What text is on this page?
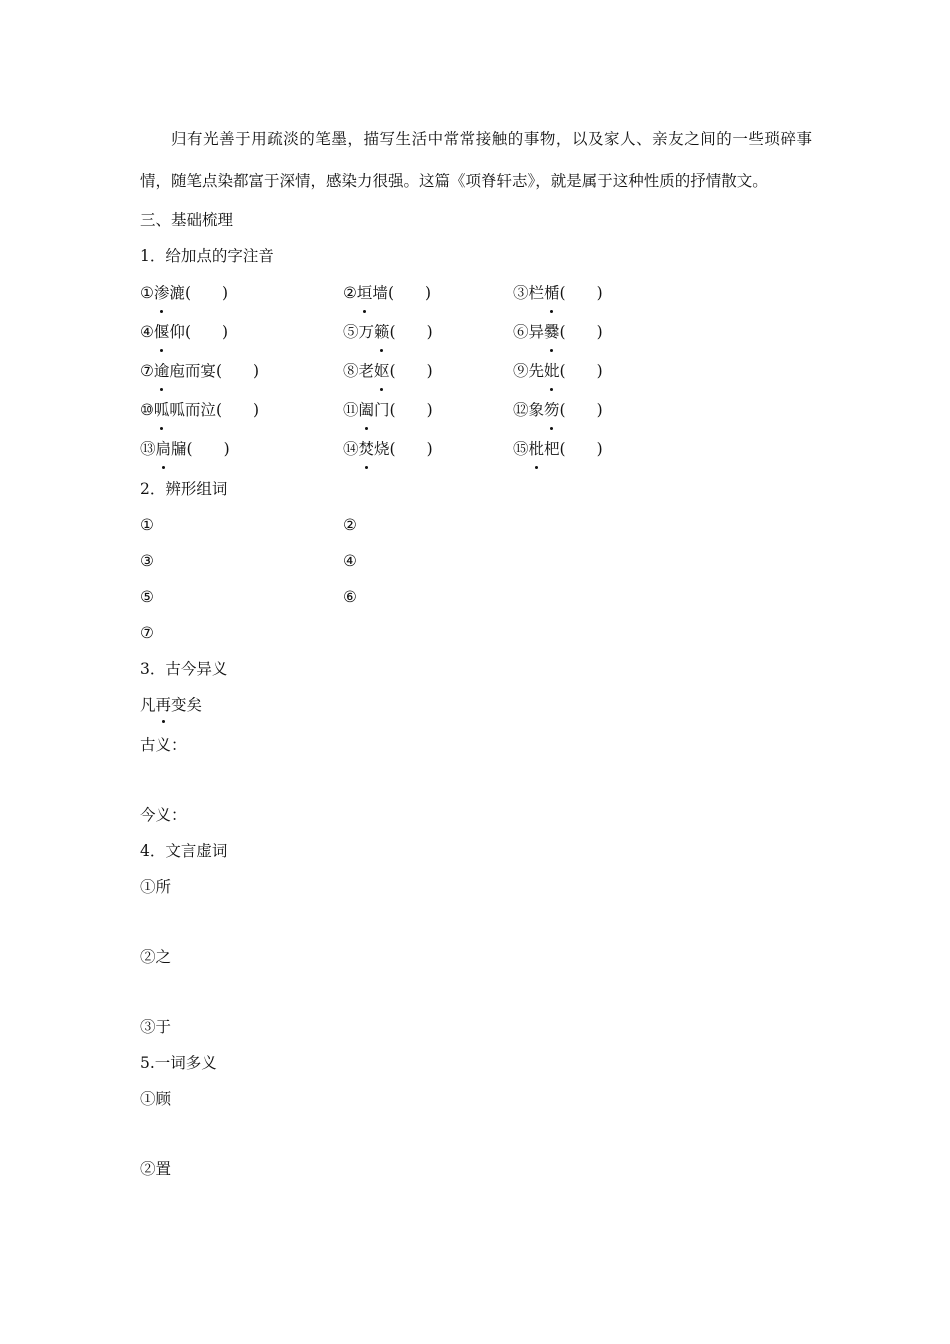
归有光善于用疏淡的笔墨，描写生活中常常接触的事物，以及家人、亲友之间的一些琐碎事情，随笔点染都富于深情，感染力很强。这篇《项脊轩志》，就是属于这种性质的抒情散文。

三、基础梳理
1．给加点的字注音
①渗漉(　　)	②垣墙(　　)	③栏楯(　　)
④偃仰(　　)	⑤万籁(　　)	⑥异爨(　　)
⑦逾庖而宴(　　)	⑧老妪(　　)	⑨先妣(　　)
⑩呱呱而泣(　　)	⑪阖门(　　)	⑫象笏(　　)
⑬扃牖(　　)	⑭焚烧(　　)	⑮枇杷(　　)
2．辨形组词
①	②
③	④
⑤	⑥
⑦
3．古今异义
凡再变矣
古义：
今义：
4．文言虚词
①所
②之
③于
5.一词多义
①顾
②置
